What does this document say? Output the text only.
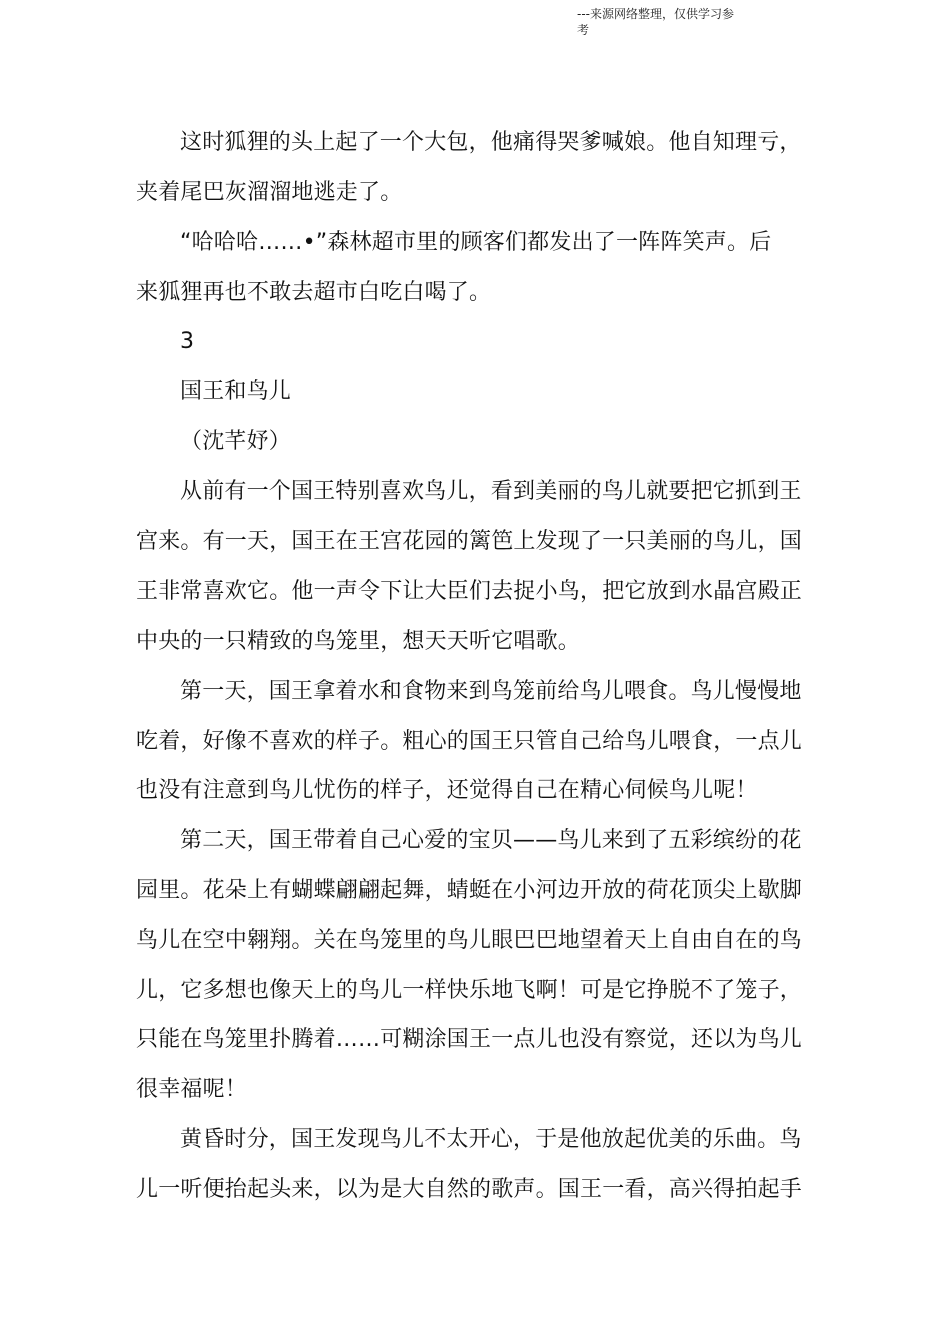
---来源网络整理，仅供学习参
考
这时狐狸的头上起了一个大包，他痛得哭爹喊娘。他自知理亏，
夹着尾巴灰溜溜地逃走了。
“哈哈哈……•”森林超市里的顾客们都发出了一阵阵笑声。后
来狐狸再也不敢去超市白吃白喝了。
3
国王和鸟儿
（沈芊妤）
从前有一个国王特别喜欢鸟儿，看到美丽的鸟儿就要把它抓到王
宫来。有一天，国王在王宫花园的篱笆上发现了一只美丽的鸟儿，国
王非常喜欢它。他一声令下让大臣们去捉小鸟，把它放到水晶宫殿正
中央的一只精致的鸟笼里，想天天听它唱歌。
第一天，国王拿着水和食物来到鸟笼前给鸟儿喂食。鸟儿慢慢地
吃着，好像不喜欢的样子。粗心的国王只管自己给鸟儿喂食，一点儿
也没有注意到鸟儿忧伤的样子，还觉得自己在精心伺候鸟儿呢！
第二天，国王带着自己心爱的宝贝——鸟儿来到了五彩缤纷的花
园里。花朵上有蝴蝶翩翩起舞，蜻蜓在小河边开放的荷花顶尖上歇脚
鸟儿在空中翱翔。关在鸟笼里的鸟儿眼巴巴地望着天上自由自在的鸟
儿，它多想也像天上的鸟儿一样快乐地飞啊！可是它挣脱不了笼子，
只能在鸟笼里扑腾着……可糊涂国王一点儿也没有察觉，还以为鸟儿
很幸福呢！
黄昏时分，国王发现鸟儿不太开心，于是他放起优美的乐曲。鸟
儿一听便抬起头来，以为是大自然的歌声。国王一看，高兴得拍起手
